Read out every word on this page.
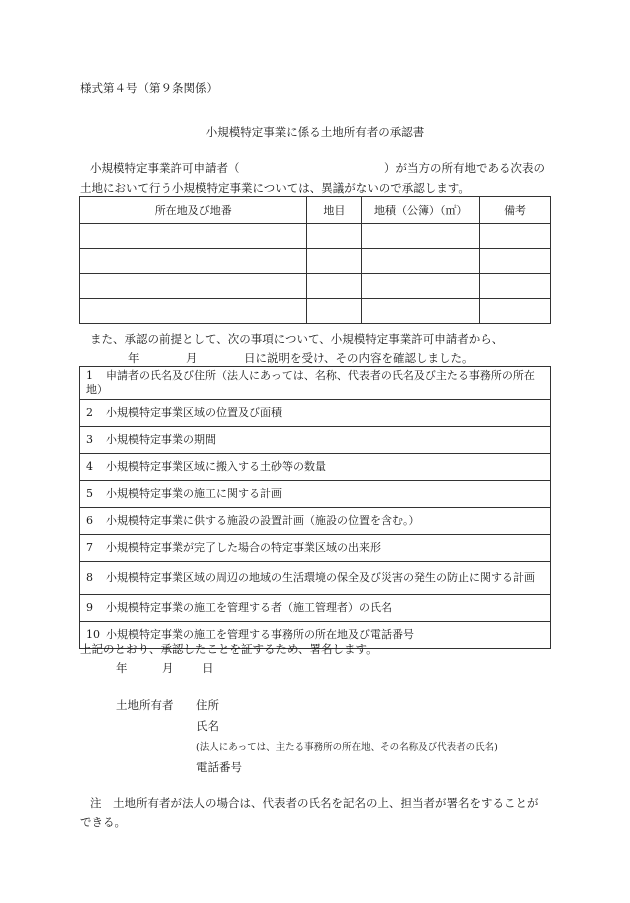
様式第４号（第９条関係）
小規模特定事業に係る土地所有者の承認書
小規模特定事業許可申請者（	）が当方の所有地である次表の
土地において行う小規模特定事業については、異議がないので承認します。
所在地及び地番	地目	地積（公簿）（㎡）	備考

また、承認の前提として、次の事項について、小規模特定事業許可申請者から、
年	月	日に説明を受け、その内容を確認しました。
1 申請者の氏名及び住所（法人にあっては、名称、代表者の氏名及び主たる事務所の所在地）
2 小規模特定事業区域の位置及び面積
3 小規模特定事業の期間
4 小規模特定事業区域に搬入する土砂等の数量
5 小規模特定事業の施工に関する計画
6 小規模特定事業に供する施設の設置計画（施設の位置を含む。）
7 小規模特定事業が完了した場合の特定事業区域の出来形
8 小規模特定事業区域の周辺の地域の生活環境の保全及び災害の発生の防止に関する計画
9 小規模特定事業の施工を管理する者（施工管理者）の氏名
10 小規模特定事業の施工を管理する事務所の所在地及び電話番号
上記のとおり、承認したことを証するため、署名します。
年	月 日
土地所有者 住所
氏名
(法人にあっては、主たる事務所の所在地、その名称及び代表者の氏名)
電話番号
注　土地所有者が法人の場合は、代表者の氏名を記名の上、担当者が署名をすることが
できる。
